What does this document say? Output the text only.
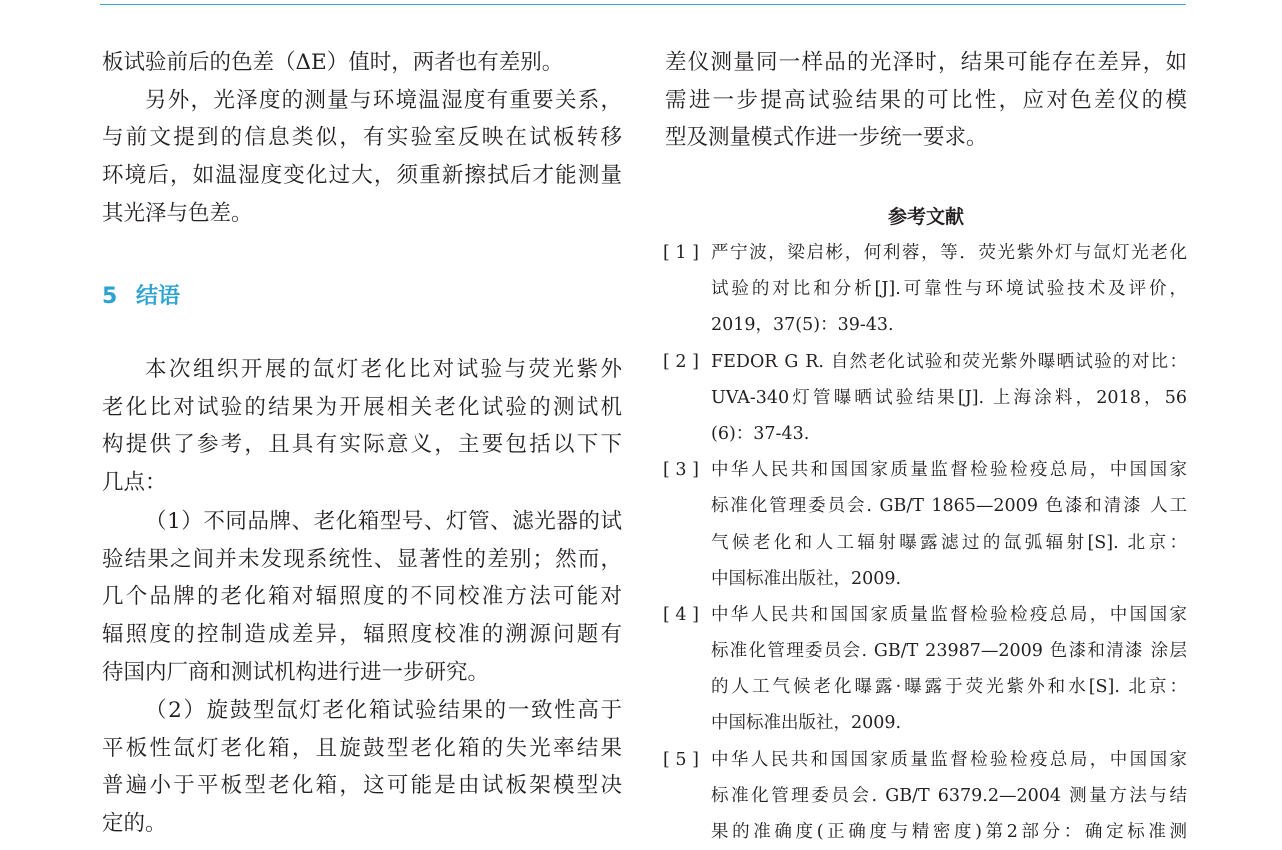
板试验前后的色差（ΔE）值时，两者也有差别。
另外，光泽度的测量与环境温湿度有重要关系，
与前文提到的信息类似，有实验室反映在试板转移
环境后，如温湿度变化过大，须重新擦拭后才能测量
其光泽与色差。
5 结语
本次组织开展的氙灯老化比对试验与荧光紫外
老化比对试验的结果为开展相关老化试验的测试机
构提供了参考，且具有实际意义，主要包括以下下
几点：
（1）不同品牌、老化箱型号、灯管、滤光器的试
验结果之间并未发现系统性、显著性的差别；然而，
几个品牌的老化箱对辐照度的不同校准方法可能对
辐照度的控制造成差异，辐照度校准的溯源问题有
待国内厂商和测试机构进行进一步研究。
（2）旋鼓型氙灯老化箱试验结果的一致性高于
平板性氙灯老化箱，且旋鼓型老化箱的失光率结果
普遍小于平板型老化箱，这可能是由试板架模型决
定的。
差仪测量同一样品的光泽时，结果可能存在差异，如
需进一步提高试验结果的可比性，应对色差仪的模
型及测量模式作进一步统一要求。
参考文献
[ 1 ] 严宁波，梁启彬，何利蓉，等．荧光紫外灯与氙灯光老化
试验的对比和分析[J].可靠性与环境试验技术及评价，
2019，37(5)：39-43.
[ 2 ] FEDOR G R. 自然老化试验和荧光紫外曝晒试验的对比：
UVA-340灯管曝晒试验结果[J]. 上海涂料，2018，56
(6)：37-43.
[ 3 ] 中华人民共和国国家质量监督检验检疫总局，中国国家
标准化管理委员会. GB/T 1865—2009 色漆和清漆 人工
气候老化和人工辐射曝露滤过的氙弧辐射[S]. 北京：
中国标准出版社，2009.
[ 4 ] 中华人民共和国国家质量监督检验检疫总局，中国国家
标准化管理委员会. GB/T 23987—2009 色漆和清漆 涂层
的人工气候老化曝露·曝露于荧光紫外和水[S]. 北京：
中国标准出版社，2009.
[ 5 ] 中华人民共和国国家质量监督检验检疫总局，中国国家
标准化管理委员会. GB/T 6379.2—2004 测量方法与结
果的准确度(正确度与精密度)第2部分：确定标准测
